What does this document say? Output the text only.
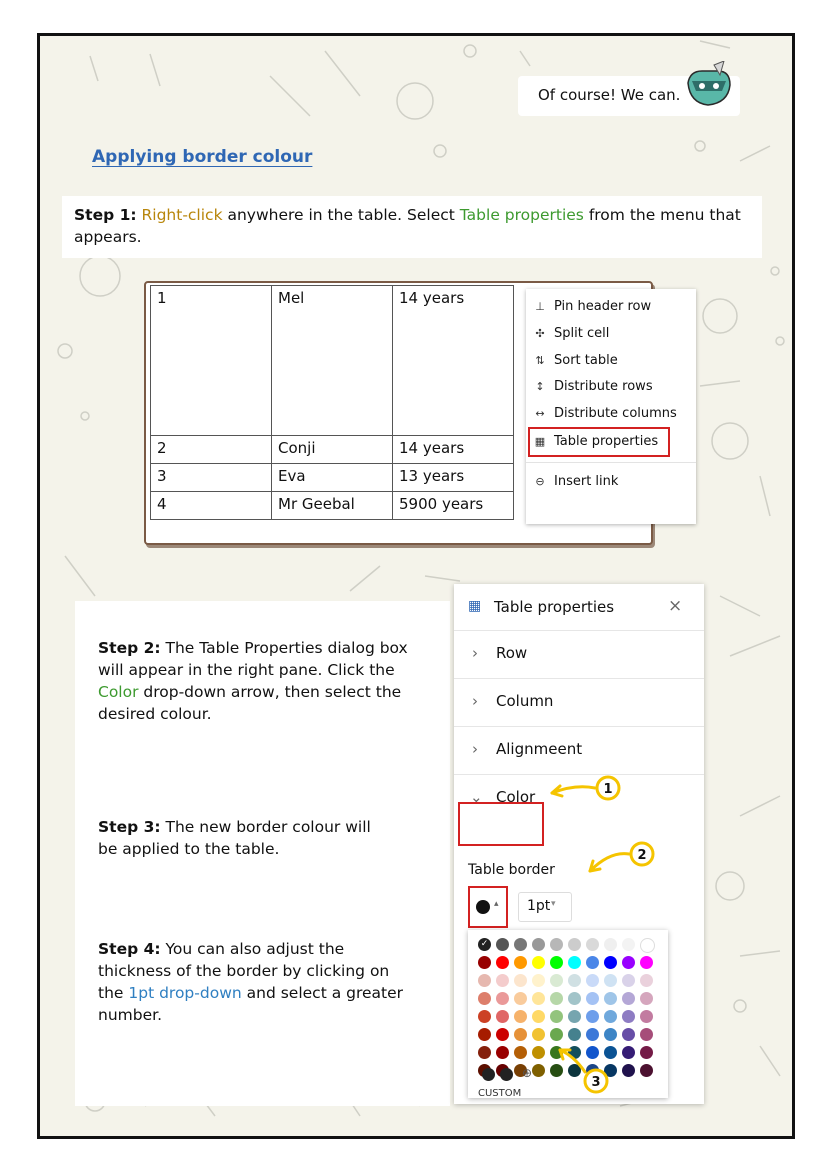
Of course! We can.
Applying border colour
Step 1: Right-click anywhere in the table. Select Table properties from the menu that appears.
1	Mel	14 years
2	Conji	14 years
3	Eva	13 years
4	Mr Geebal	5900 years
⊥ Pin header row
✣ Split cell
⇅ Sort table
↕ Distribute rows
↔ Distribute columns
▦ Table properties
⊖ Insert link
Step 2: The Table Properties dialog box will appear in the right pane. Click the Color drop-down arrow, then select the desired colour.
Step 3: The new border colour will be applied to the table.
Step 4: You can also adjust the thickness of the border by clicking on the 1pt drop-down and select a greater number.
▦ Table properties	×
› Row
› Column
› Alignmeent
⌄ Color
Table border
▴ 1pt ▾
✓
CUSTOM
⊕
1
2
3
